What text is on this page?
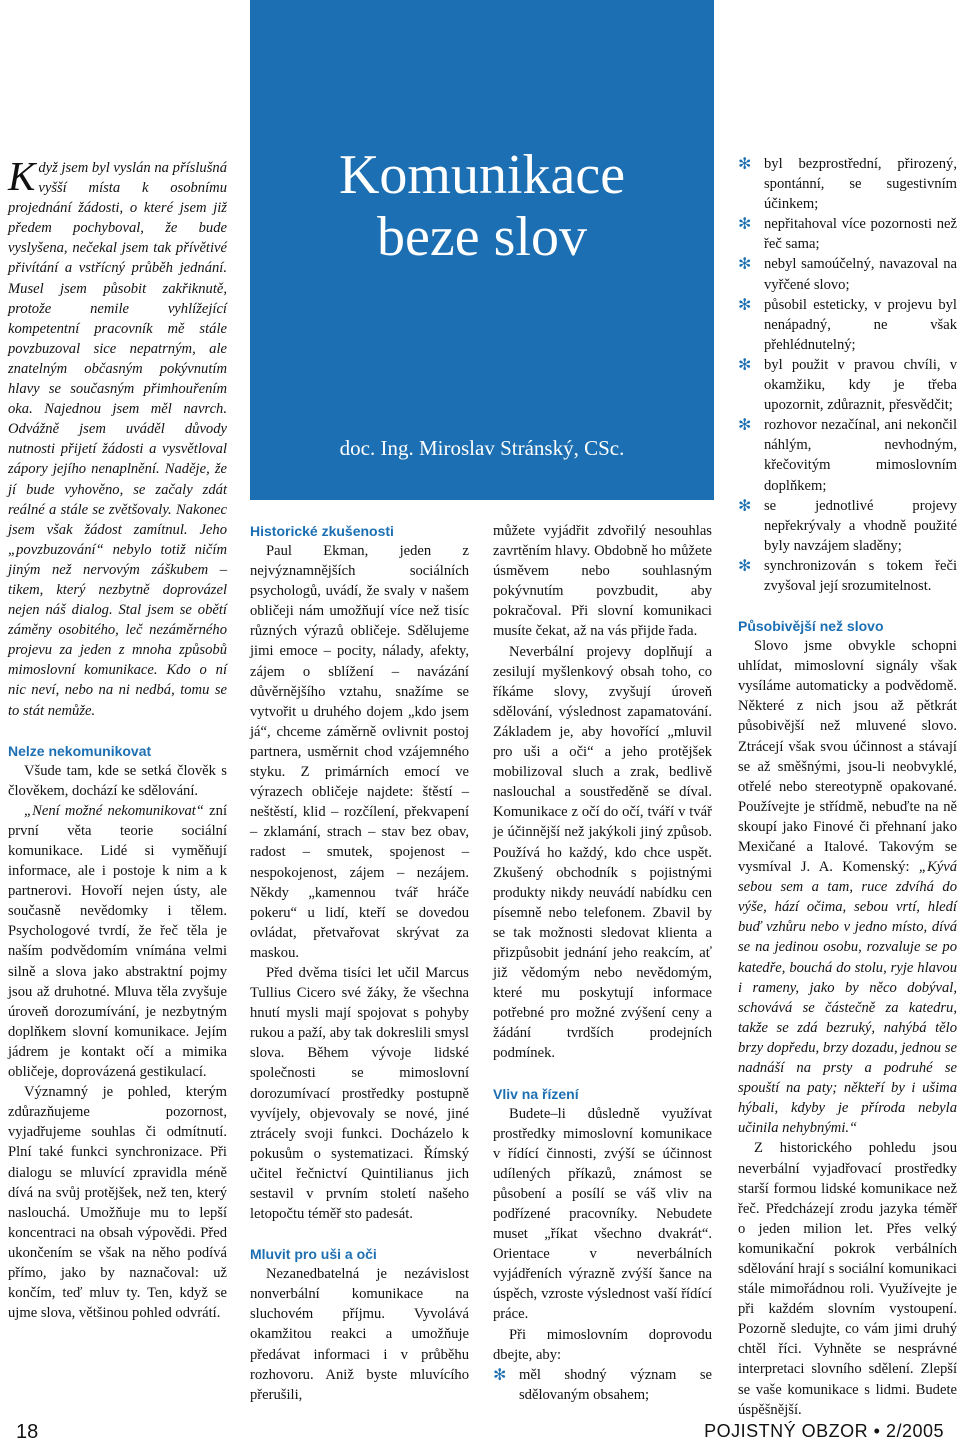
Komunikace
beze slov

doc. Ing. Miroslav Stránský, CSc.

Když jsem byl vyslán na příslušná vyšší místa k osobnímu projednání žádosti, o které jsem již předem pochyboval, že bude vyslyšena, nečekal jsem tak přívětivé přivítání a vstřícný průběh jednání. Musel jsem působit zakřiknutě, protože nemile vyhlížející kompetentní pracovník mě stále povzbuzoval sice nepatrným, ale znatelným občasným pokývnutím hlavy se současným přimhouřením oka. Najednou jsem měl navrch. Odvážně jsem uváděl důvody nutnosti přijetí žádosti a vysvětloval zápory jejího nenaplnění. Naděje, že jí bude vyhověno, se začaly zdát reálné a stále se zvětšovaly. Nakonec jsem však žádost zamítnul. Jeho „povzbuzování“ nebylo totiž ničím jiným než nervovým záškubem – tikem, který nezbytně doprovázel nejen náš dialog. Stal jsem se obětí záměny osobitého, leč nezáměrného projevu za jeden z mnoha způsobů mimoslovní komunikace. Kdo o ní nic neví, nebo na ni nedbá, tomu se to stát nemůže.

Nelze nekomunikovat

Všude tam, kde se setká člověk s člověkem, dochází ke sdělování.

„Není možné nekomunikovat“ zní první věta teorie sociální komunikace. Lidé si vyměňují informace, ale i postoje k nim a k partnerovi. Hovoří nejen ústy, ale současně nevědomky i tělem. Psychologové tvrdí, že řeč těla je naším podvědomím vnímána velmi silně a slova jako abstraktní pojmy jsou až druhotné. Mluva těla zvyšuje úroveň dorozumívání, je nezbytným doplňkem slovní komunikace. Jejím jádrem je kontakt očí a mimika obličeje, doprovázená gestikulací.

Významný je pohled, kterým zdůrazňujeme pozornost, vyjadřujeme souhlas či odmítnutí. Plní také funkci synchronizace. Při dialogu se mluvící zpravidla méně dívá na svůj protějšek, než ten, který naslouchá. Umožňuje mu to lepší koncentraci na obsah výpovědi. Před ukončením se však na něho podívá přímo, jako by naznačoval: už končím, teď mluv ty. Ten, když se ujme slova, většinou pohled odvrátí.

Historické zkušenosti

Paul Ekman, jeden z nejvýznamnějších sociálních psychologů, uvádí, že svaly v našem obličeji nám umožňují více než tisíc různých výrazů obličeje. Sdělujeme jimi emoce – pocity, nálady, afekty, zájem o sblížení – navázání důvěrnějšího vztahu, snažíme se vytvořit u druhého dojem „kdo jsem já“, chceme záměrně ovlivnit postoj partnera, usměrnit chod vzájemného styku. Z primárních emocí ve výrazech obličeje najdete: štěstí – neštěstí, klid – rozčílení, překvapení – zklamání, strach – stav bez obav, radost – smutek, spojenost – nespokojenost, zájem – nezájem. Někdy „kamennou tvář hráče pokeru“ u lidí, kteří se dovedou ovládat, přetvařovat skrývat za maskou.

Před dvěma tisíci let učil Marcus Tullius Cicero své žáky, že všechna hnutí mysli mají spojovat s pohyby rukou a paží, aby tak dokreslili smysl slova. Během vývoje lidské společnosti se mimoslovní dorozumívací prostředky postupně vyvíjely, objevovaly se nové, jiné ztrácely svoji funkci. Docházelo k pokusům o systematizaci. Římský učitel řečnictví Quintilianus jich sestavil v prvním století našeho letopočtu téměř sto padesát.

Mluvit pro uši a oči

Nezanedbatelná je nezávislost nonverbální komunikace na sluchovém příjmu. Vyvolává okamžitou reakci a umožňuje předávat informaci i v průběhu rozhovoru. Aniž byste mluvícího přerušili,

můžete vyjádřit zdvořilý nesouhlas zavrtěním hlavy. Obdobně ho můžete úsměvem nebo souhlasným pokývnutím povzbudit, aby pokračoval. Při slovní komunikaci musíte čekat, až na vás přijde řada.

Neverbální projevy doplňují a zesilují myšlenkový obsah toho, co říkáme slovy, zvyšují úroveň sdělování, výslednost zapamatování. Základem je, aby hovořící „mluvil pro uši a oči“ a jeho protějšek mobilizoval sluch a zrak, bedlivě naslouchal a soustředěně se díval. Komunikace z očí do očí, tváří v tvář je účinnější než jakýkoli jiný způsob. Používá ho každý, kdo chce uspět. Zkušený obchodník s pojistnými produkty nikdy neuvádí nabídku cen písemně nebo telefonem. Zbavil by se tak možnosti sledovat klienta a přizpůsobit jednání jeho reakcím, ať již vědomým nebo nevědomým, které mu poskytují informace potřebné pro možné zvýšení ceny a žádání tvrdších prodejních podmínek.

Vliv na řízení

Budete–li důsledně využívat prostředky mimoslovní komunikace v řídící činnosti, zvýší se účinnost udílených příkazů, známost se působení a posílí se váš vliv na podřízené pracovníky. Nebudete muset „říkat všechno dvakrát“. Orientace v neverbálních vyjádřeních výrazně zvýší šance na úspěch, vzroste výslednost vaší řídící práce.

Při mimoslovním doprovodu dbejte, aby:

✻ měl shodný význam se sdělovaným obsahem;
✻ byl bezprostřední, přirozený, spontánní, se sugestivním účinkem;
✻ nepřitahoval více pozornosti než řeč sama;
✻ nebyl samoúčelný, navazoval na vyřčené slovo;
✻ působil esteticky, v projevu byl nenápadný, ne však přehlédnutelný;
✻ byl použit v pravou chvíli, v okamžiku, kdy je třeba upozornit, zdůraznit, přesvědčit;
✻ rozhovor nezačínal, ani nekončil náhlým, nevhodným, křečovitým mimoslovním doplňkem;
✻ se jednotlivé projevy nepřekrývaly a vhodně použité byly navzájem sladěny;
✻ synchronizován s tokem řeči zvyšoval její srozumitelnost.

Působivější než slovo

Slovo jsme obvykle schopni uhlídat, mimoslovní signály však vysíláme automaticky a podvědomě. Některé z nich jsou až pětkrát působivější než mluvené slovo. Ztrácejí však svou účinnost a stávají se až směšnými, jsou-li neobvyklé, otřelé nebo stereotypně opakované. Používejte je střídmě, nebuďte na ně skoupí jako Finové či přehnaní jako Mexičané a Italové. Takovým se vysmíval J. A. Komenský: „Kývá sebou sem a tam, ruce zdvíhá do výše, hází očima, sebou vrtí, hledí buď vzhůru nebo v jedno místo, dívá se na jedinou osobu, rozvaluje se po katedře, bouchá do stolu, ryje hlavou i rameny, jako by něco dobýval, schovává se částečně za katedru, takže se zdá bezruký, nahýbá tělo brzy dopředu, brzy dozadu, jednou se nadnáší na prsty a podruhé se spouští na paty; někteří by i ušima hýbali, kdyby je příroda nebyla učinila nehybnými.“

Z historického pohledu jsou neverbální vyjadřovací prostředky starší formou lidské komunikace než řeč. Předcházejí zrodu jazyka téměř o jeden milion let. Přes velký komunikační pokrok verbálních sdělování hrají s sociální komunikaci stále mimořádnou roli. Využívejte je při každém slovním vystoupení. Pozorně sledujte, co vám jimi druhý chtěl říci. Vyhněte se nesprávné interpretaci slovního sdělení. Zlepší se vaše komunikace s lidmi. Budete úspěšnější.

18	POJISTNÝ OBZOR • 2/2005
